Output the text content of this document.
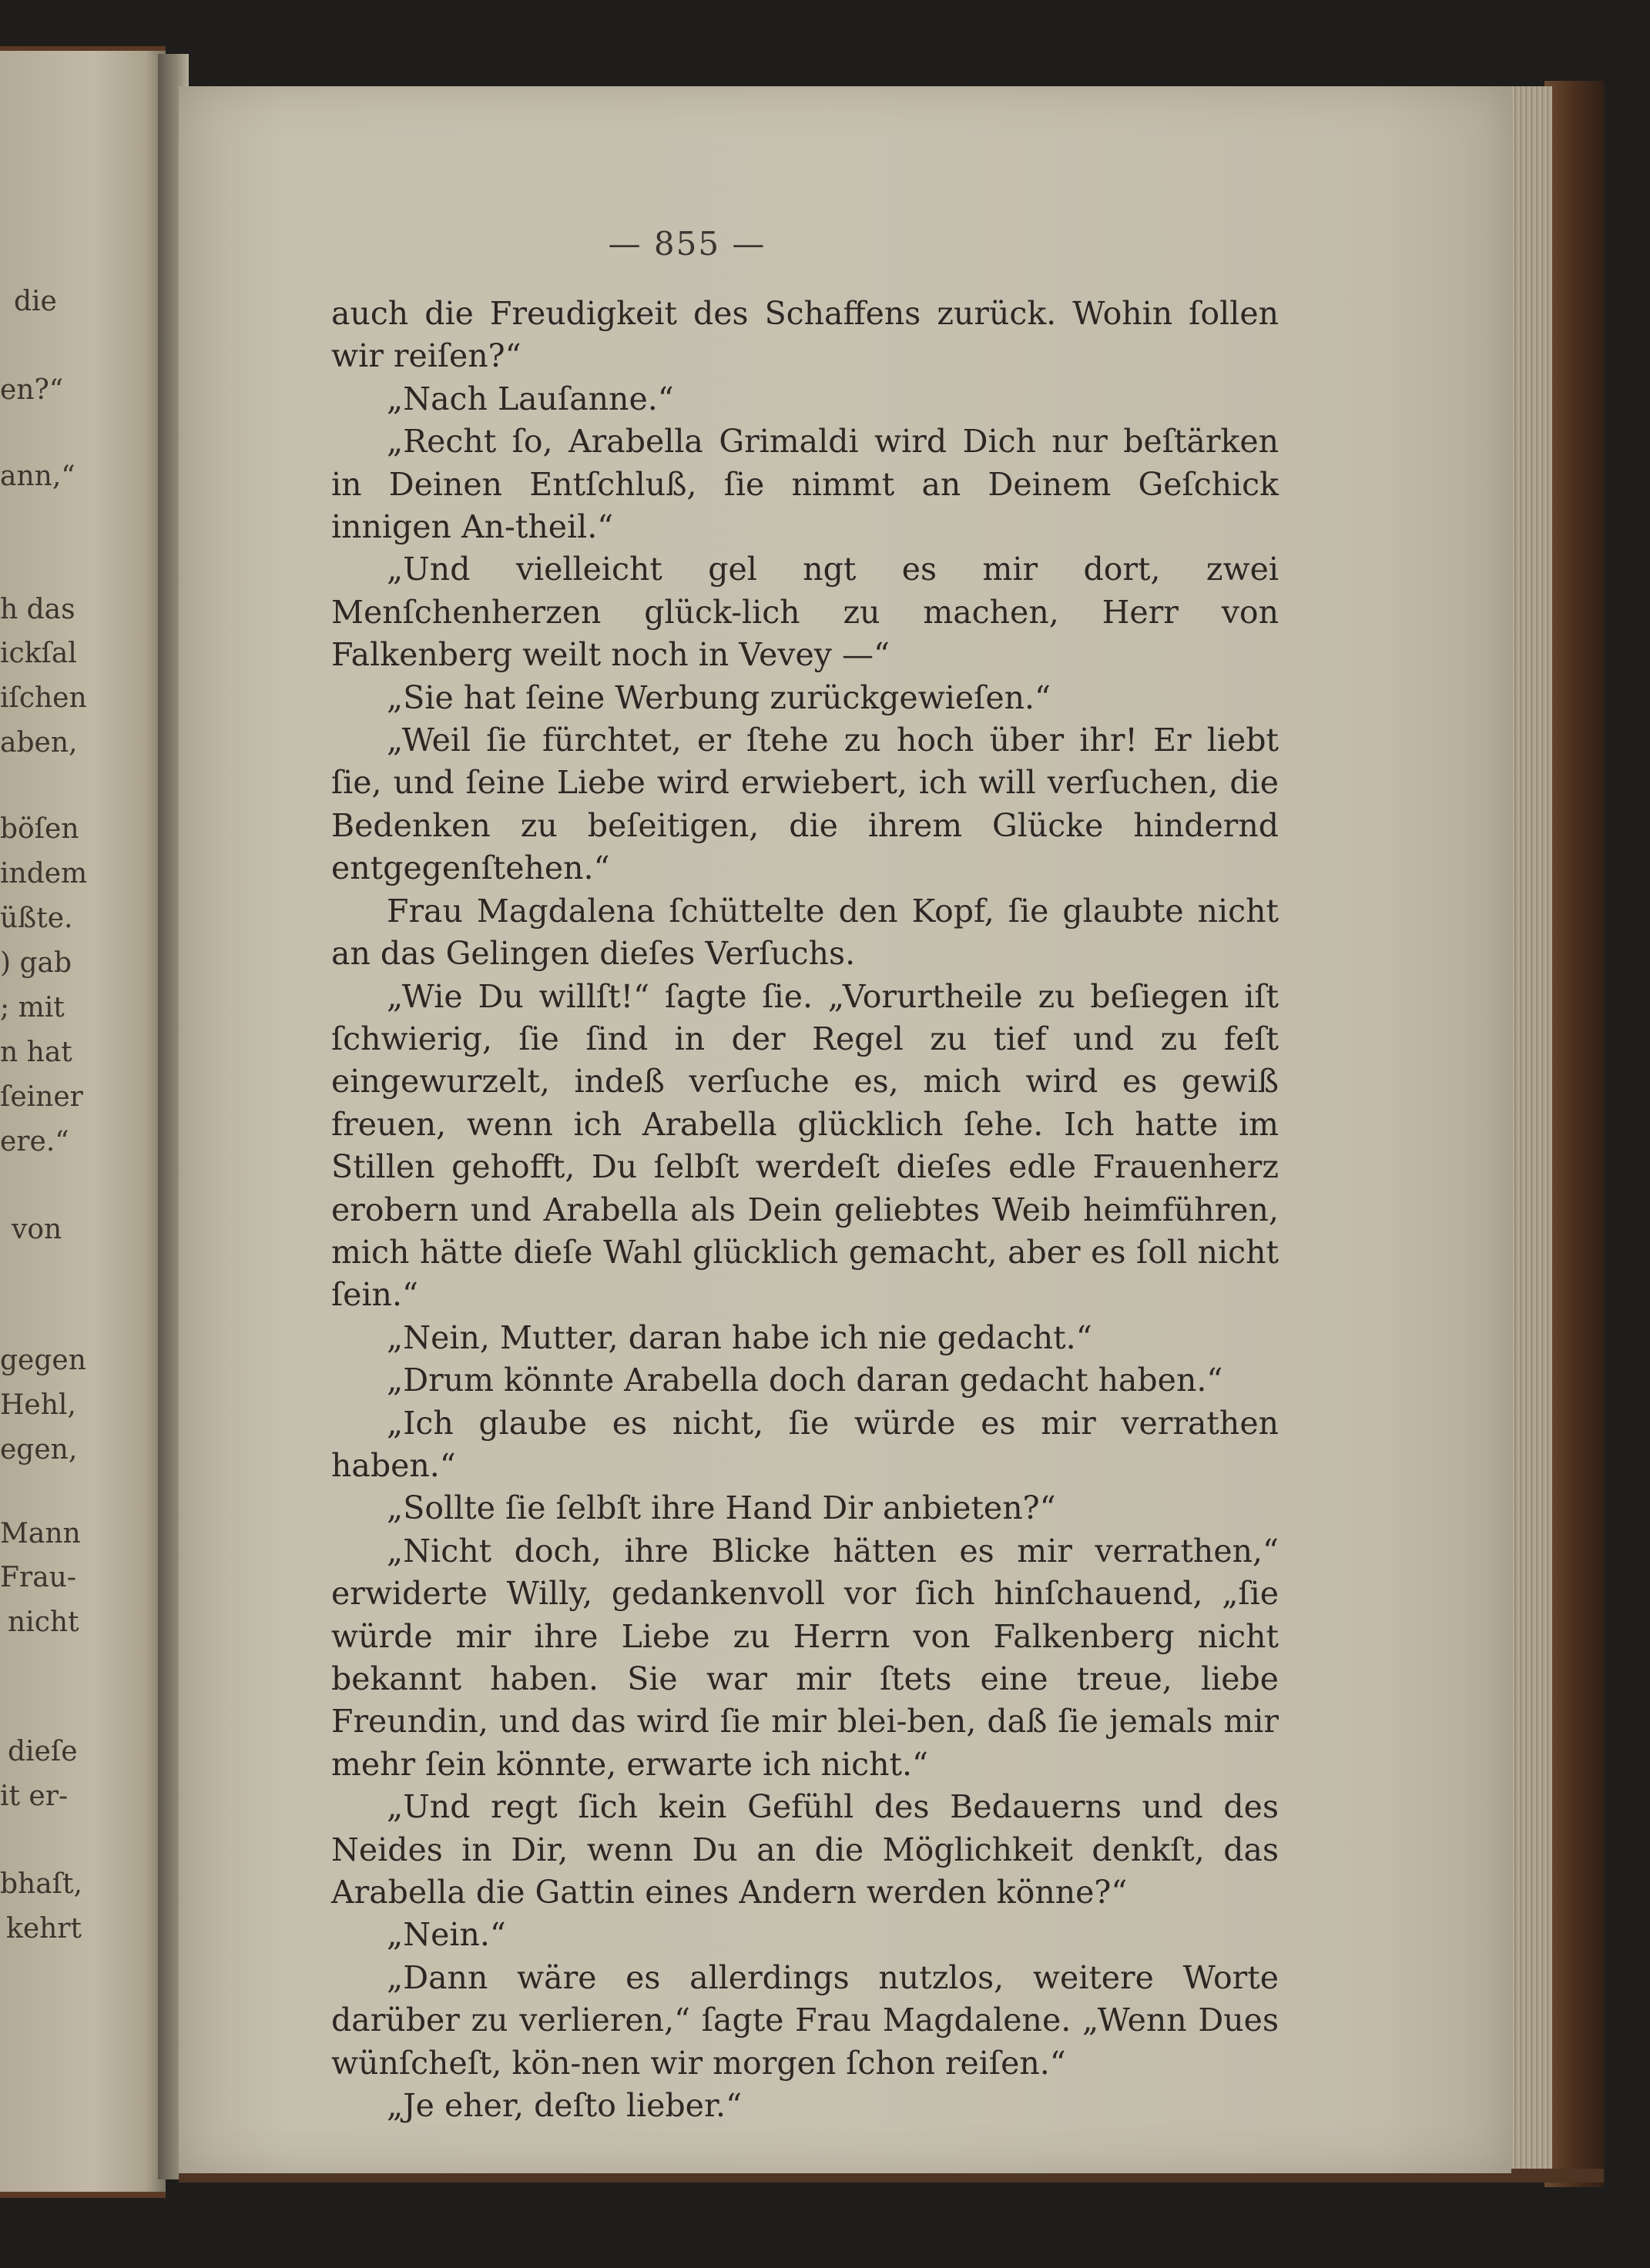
die
en?“
ann,“
h das
ickſal
iſchen
aben,
böſen
indem
üßte.
) gab
; mit
n hat
ſeiner
ere.“
von
gegen
Hehl,
egen,
Mann
Frau-
nicht
dieſe
it er-
bhaſt,
kehrt
— 855 —

auch die Freudigkeit des Schaffens zurück. Wohin ſollen wir reiſen?“

„Nach Lauſanne.“

„Recht ſo, Arabella Grimaldi wird Dich nur beſtärken in Deinen Entſchluß, ſie nimmt an Deinem Geſchick innigen An-theil.“

„Und vielleicht gel ngt es mir dort, zwei Menſchenherzen glück-lich zu machen, Herr von Falkenberg weilt noch in Vevey —“

„Sie hat ſeine Werbung zurückgewieſen.“

„Weil ſie fürchtet, er ſtehe zu hoch über ihr! Er liebt ſie, und ſeine Liebe wird erwiebert, ich will verſuchen, die Bedenken zu beſeitigen, die ihrem Glücke hindernd entgegenſtehen.“

Frau Magdalena ſchüttelte den Kopf, ſie glaubte nicht an das Gelingen dieſes Verſuchs.

„Wie Du willſt!“ ſagte ſie. „Vorurtheile zu beſiegen iſt ſchwierig, ſie ſind in der Regel zu tief und zu feſt eingewurzelt, indeß verſuche es, mich wird es gewiß freuen, wenn ich Arabella glücklich ſehe. Ich hatte im Stillen gehofft, Du ſelbſt werdeſt dieſes edle Frauenherz erobern und Arabella als Dein geliebtes Weib heimführen, mich hätte dieſe Wahl glücklich gemacht, aber es ſoll nicht ſein.“

„Nein, Mutter, daran habe ich nie gedacht.“

„Drum könnte Arabella doch daran gedacht haben.“

„Ich glaube es nicht, ſie würde es mir verrathen haben.“

„Sollte ſie ſelbſt ihre Hand Dir anbieten?“

„Nicht doch, ihre Blicke hätten es mir verrathen,“ erwiderte Willy, gedankenvoll vor ſich hinſchauend, „ſie würde mir ihre Liebe zu Herrn von Falkenberg nicht bekannt haben. Sie war mir ſtets eine treue, liebe Freundin, und das wird ſie mir blei-ben, daß ſie jemals mir mehr ſein könnte, erwarte ich nicht.“

„Und regt ſich kein Gefühl des Bedauerns und des Neides in Dir, wenn Du an die Möglichkeit denkſt, das Arabella die Gattin eines Andern werden könne?“

„Nein.“

„Dann wäre es allerdings nutzlos, weitere Worte darüber zu verlieren,“ ſagte Frau Magdalene. „Wenn Dues wünſcheſt, kön-nen wir morgen ſchon reiſen.“

„Je eher, deſto lieber.“
